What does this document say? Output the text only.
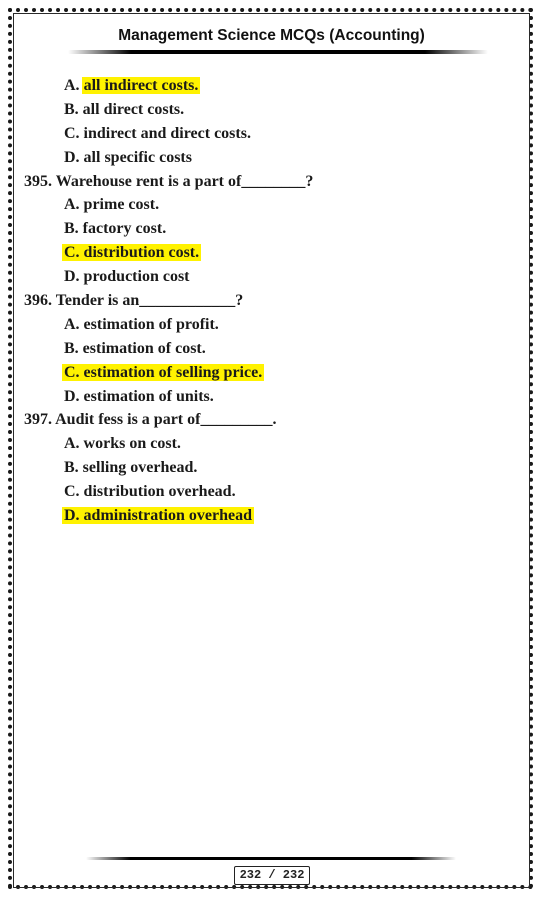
Management Science MCQs (Accounting)
A. all indirect costs.
B. all direct costs.
C. indirect and direct costs.
D. all specific costs
395. Warehouse rent is a part of________?
A. prime cost.
B. factory cost.
C. distribution cost.
D. production cost
396. Tender is an____________?
A. estimation of profit.
B. estimation of cost.
C. estimation of selling price.
D. estimation of units.
397. Audit fess is a part of_________.
A. works on cost.
B. selling overhead.
C. distribution overhead.
D. administration overhead
232 / 232
